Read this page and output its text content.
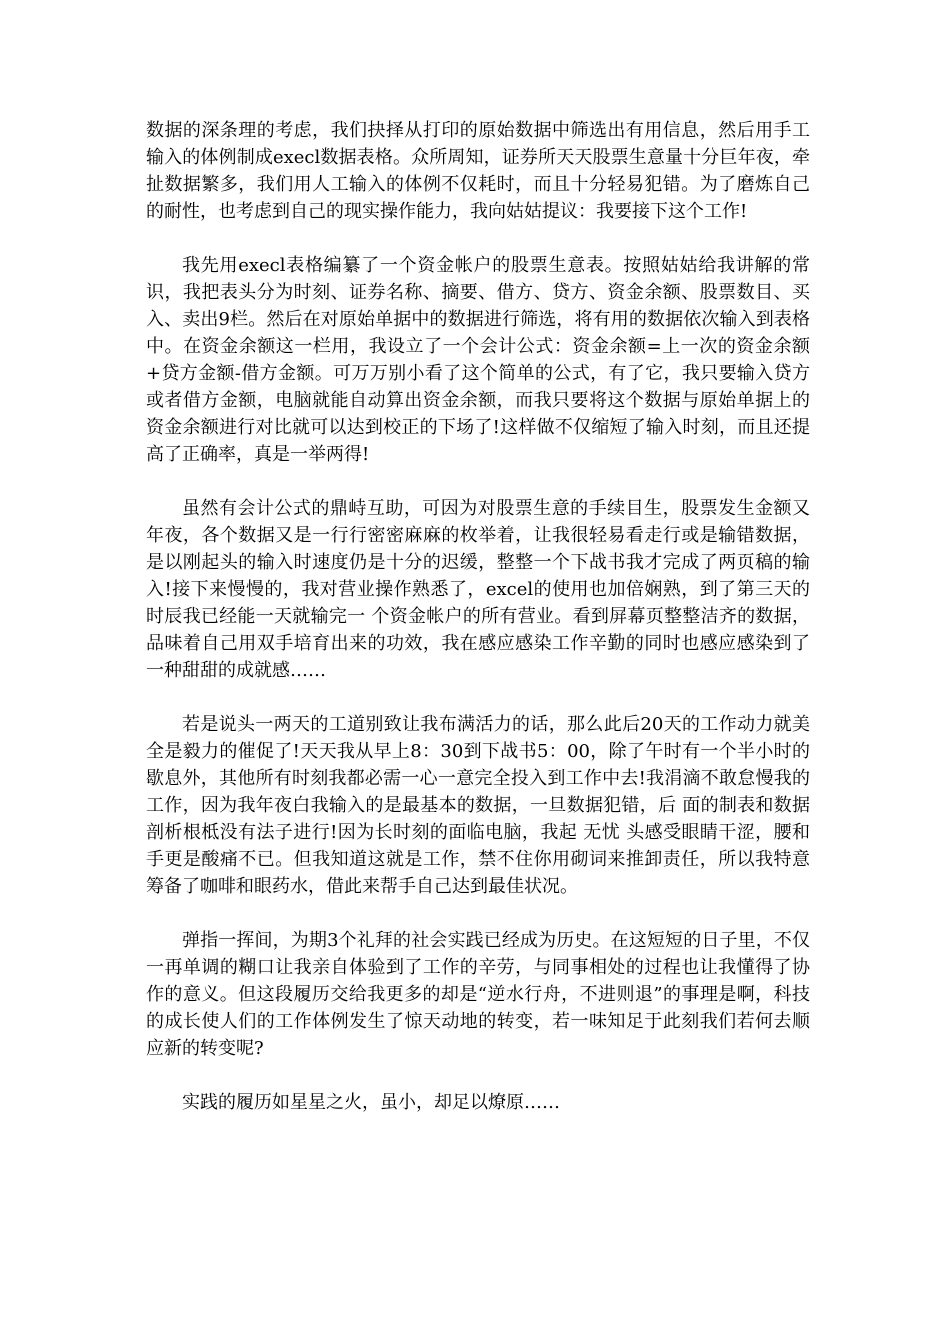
数据的深条理的考虑，我们抉择从打印的原始数据中筛选出有用信息，然后用手工输入的体例制成execl数据表格。众所周知，证券所天天股票生意量十分巨年夜，牵扯数据繁多，我们用人工输入的体例不仅耗时，而且十分轻易犯错。为了磨炼自己的耐性，也考虑到自己的现实操作能力，我向姑姑提议：我要接下这个工作!

我先用execl表格编纂了一个资金帐户的股票生意表。按照姑姑给我讲解的常识，我把表头分为时刻、证券名称、摘要、借方、贷方、资金余额、股票数目、买入、卖出9栏。然后在对原始单据中的数据进行筛选，将有用的数据依次输入到表格中。在资金余额这一栏用，我设立了一个会计公式：资金余额=上一次的资金余额+贷方金额-借方金额。可万万别小看了这个简单的公式，有了它，我只要输入贷方或者借方金额，电脑就能自动算出资金余额，而我只要将这个数据与原始单据上的资金余额进行对比就可以达到校正的下场了!这样做不仅缩短了输入时刻，而且还提高了正确率，真是一举两得!

虽然有会计公式的鼎峙互助，可因为对股票生意的手续目生，股票发生金额又年夜，各个数据又是一行行密密麻麻的枚举着，让我很轻易看走行或是输错数据，是以刚起头的输入时速度仍是十分的迟缓，整整一个下战书我才完成了两页稿的输入!接下来慢慢的，我对营业操作熟悉了，excel的使用也加倍娴熟，到了第三天的时辰我已经能一天就输完一 个资金帐户的所有营业。看到屏幕页整整洁齐的数据，品味着自己用双手培育出来的功效，我在感应感染工作辛勤的同时也感应感染到了一种甜甜的成就感……

若是说头一两天的工道别致让我布满活力的话，那么此后20天的工作动力就美全是毅力的催促了!天天我从早上8：30到下战书5：00，除了午时有一个半小时的歇息外，其他所有时刻我都必需一心一意完全投入到工作中去!我涓滴不敢怠慢我的工作，因为我年夜白我输入的是最基本的数据，一旦数据犯错，后 面的制表和数据剖析根柢没有法子进行!因为长时刻的面临电脑，我起 无忧 头感受眼睛干涩，腰和手更是酸痛不已。但我知道这就是工作，禁不住你用砌词来推卸责任，所以我特意筹备了咖啡和眼药水，借此来帮手自己达到最佳状况。

弹指一挥间，为期3个礼拜的社会实践已经成为历史。在这短短的日子里，不仅一再单调的糊口让我亲自体验到了工作的辛劳，与同事相处的过程也让我懂得了协作的意义。但这段履历交给我更多的却是“逆水行舟，不进则退”的事理是啊，科技的成长使人们的工作体例发生了惊天动地的转变，若一味知足于此刻我们若何去顺应新的转变呢?

实践的履历如星星之火，虽小，却足以燎原……
